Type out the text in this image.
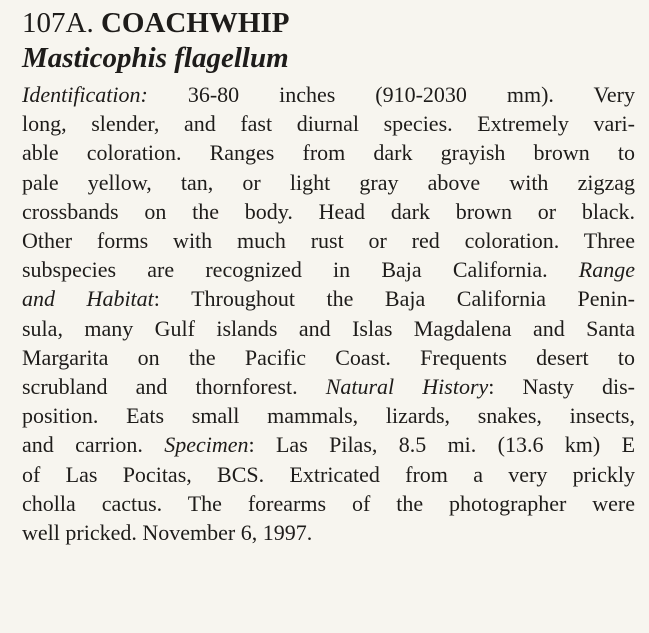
107A. COACHWHIP
Masticophis flagellum

Identification: 36-80 inches (910-2030 mm). Very
long, slender, and fast diurnal species. Extremely vari-
able coloration. Ranges from dark grayish brown to
pale yellow, tan, or light gray above with zigzag
crossbands on the body. Head dark brown or black.
Other forms with much rust or red coloration. Three
subspecies are recognized in Baja California. Range
and Habitat: Throughout the Baja California Penin-
sula, many Gulf islands and Islas Magdalena and Santa
Margarita on the Pacific Coast. Frequents desert to
scrubland and thornforest. Natural History: Nasty dis-
position. Eats small mammals, lizards, snakes, insects,
and carrion. Specimen: Las Pilas, 8.5 mi. (13.6 km) E
of Las Pocitas, BCS. Extricated from a very prickly
cholla cactus. The forearms of the photographer were
well pricked. November 6, 1997.
